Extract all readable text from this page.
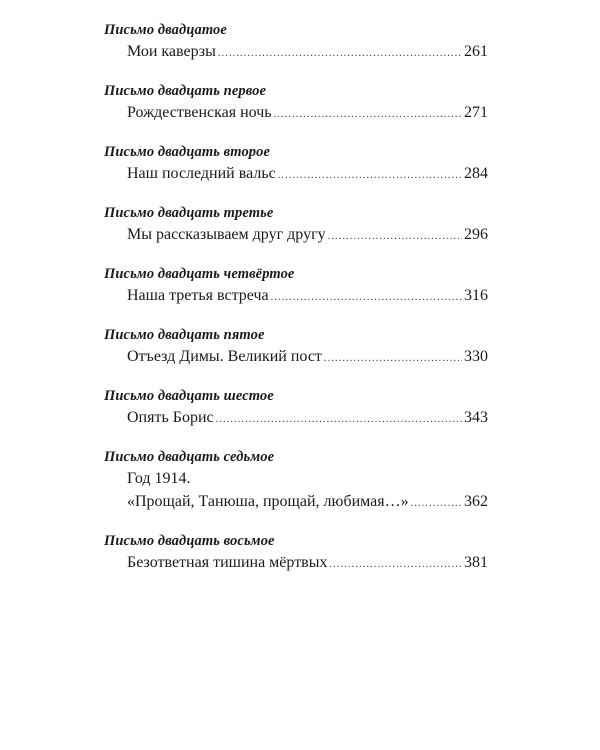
Письмо двадцатое
Мои каверзы .....	261
Письмо двадцать первое
Рождественская ночь .....	271
Письмо двадцать второе
Наш последний вальс .....	284
Письмо двадцать третье
Мы рассказываем друг другу .....	296
Письмо двадцать четвёртое
Наша третья встреча .....	316
Письмо двадцать пятое
Отъезд Димы. Великий пост .....	330
Письмо двадцать шестое
Опять Борис .....	343
Письмо двадцать седьмое
Год 1914.
«Прощай, Танюша, прощай, любимая…» .....	362
Письмо двадцать восьмое
Безответная тишина мёртвых .....	381
